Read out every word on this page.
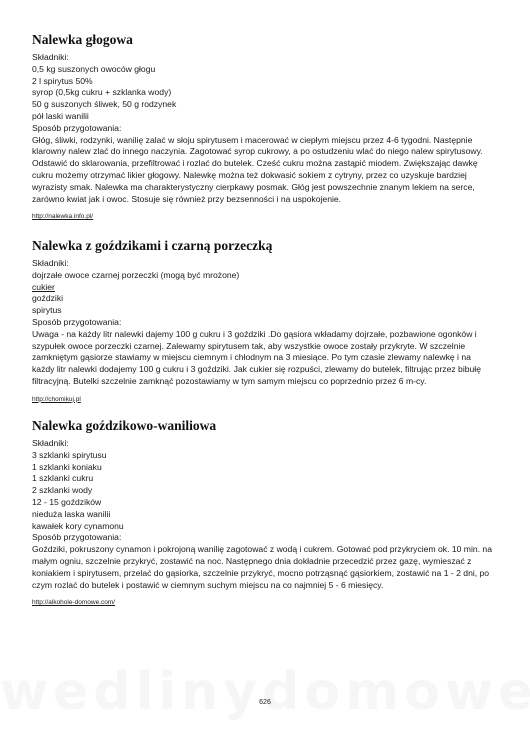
Nalewka głogowa
Składniki:
0,5 kg suszonych owoców głogu
2 l spirytus 50%
syrop (0,5kg cukru + szklanka wody)
50 g suszonych śliwek, 50 g rodzynek
pół laski wanilii
Sposób przygotowania:
Głóg, śliwki, rodzynki, wanilię zalać w słoju spirytusem i macerować w ciepłym miejscu przez 4-6 tygodni. Następnie klarowny nalew zlać do innego naczynia. Zagotować syrop cukrowy, a po ostudzeniu wlać do niego nalew spirytusowy. Odstawić do sklarowania, przefiltrować i rozlać do butelek. Cześć cukru można zastąpić miodem. Zwiększając dawkę cukru możemy otrzymać likier głogowy. Nalewkę można też dokwasić sokiem z cytryny, przez co uzyskuje bardziej wyrazisty smak. Nalewka ma charakterystyczny cierpkawy posmak. Głóg jest powszechnie znanym lekiem na serce, zarówno kwiat jak i owoc. Stosuje się również przy bezsenności i na uspokojenie.
http://nalewka.info.pl/
Nalewka z goździkami i czarną porzeczką
Składniki:
dojrzałe owoce czarnej porzeczki (mogą być mrożone)
cukier
goździki
spirytus
Sposób przygotowania:
Uwaga - na każdy litr nalewki dajemy 100 g cukru i 3 goździki .Do gąsiora wkładamy dojrzałe, pozbawione ogonków i szypułek owoce porzeczki czarnej. Zalewamy spirytusem tak, aby wszystkie owoce zostały przykryte. W szczelnie zamkniętym gąsiorze stawiamy w miejscu ciemnym i chłodnym na 3 miesiące. Po tym czasie zlewamy nalewkę i na każdy litr nalewki dodajemy 100 g cukru i 3 goździki. Jak cukier się rozpuści, zlewamy do butelek, filtrując przez bibułę filtracyjną. Butelki szczelnie zamknąć pozostawiamy w tym samym miejscu co poprzednio przez 6 m-cy.
http://chomikuj.pl
Nalewka goździkowo-waniliowa
Składniki:
3 szklanki spirytusu
1 szklanki koniaku
1 szklanki cukru
2 szklanki wody
12 - 15 goździków
nieduża laska wanilii
kawałek kory cynamonu
Sposób przygotowania:
Goździki, pokruszony cynamon i pokrojoną wanilię zagotować z wodą i cukrem. Gotować pod przykryciem ok. 10 min. na małym ogniu, szczelnie przykryć, zostawić na noc. Następnego dnia dokładnie przecedzić przez gazę, wymieszać z koniakiem i spirytusem, przelać do gąsiorka, szczelnie przykryć, mocno potrząsnąć gąsiorkiem, zostawić na 1 - 2 dni, po czym rozlać do butelek i postawić w ciemnym suchym miejscu na co najmniej 5 - 6 miesięcy.
http://alkohole-domowe.com/
626
